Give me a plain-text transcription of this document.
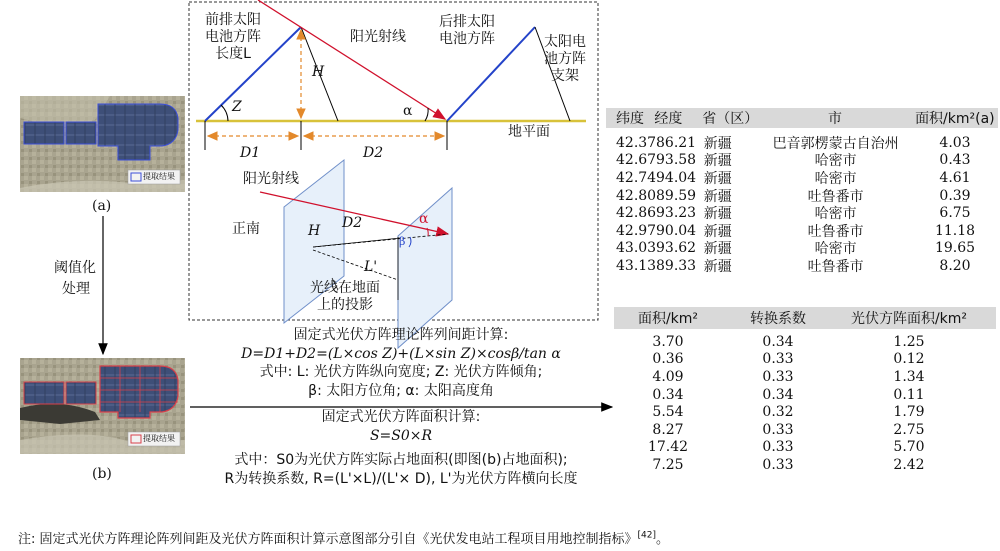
(a)
(b)
阈值化
处理
提取结果
提取结果
前排太阳
电池方阵
长度L
阳光射线
后排太阳
电池方阵	太阳电
池方阵
支架
地平面
Z
H
α
D1	D2
阳光射线
正南	H D2	α
β
L'
光线在地面
上的投影
固定式光伏方阵理论阵列间距计算:
D=D1+D2=(L×cos Z)+(L×sin Z)×cosβ/tan α
式中: L: 光伏方阵纵向宽度; Z: 光伏方阵倾角;
β: 太阳方位角; α: 太阳高度角
固定式光伏方阵面积计算:
S=S0×R
式中：S0为光伏方阵实际占地面积(即图(b)占地面积);
R为转换系数, R=(L'×L)/(L'× D), L'为光伏方阵横向长度
纬度 经度	省（区）	市	面积/km²(a)
42.37 86.21 新疆	巴音郭楞蒙古自治州	4.03
42.67 93.58 新疆	哈密市	0.43
42.74 94.04 新疆	哈密市	4.61
42.80 89.59 新疆	吐鲁番市	0.39
42.86 93.23 新疆	哈密市	6.75
42.97 90.04 新疆	吐鲁番市	11.18
43.03 93.62 新疆	哈密市	19.65
43.13 89.33 新疆	吐鲁番市	8.20
面积/km²	转换系数	光伏方阵面积/km²
3.70	0.34	1.25
0.36	0.33	0.12
4.09	0.33	1.34
0.34	0.34	0.11
5.54	0.32	1.79
8.27	0.33	2.75
17.42	0.33	5.70
7.25	0.33	2.42
注: 固定式光伏方阵理论阵列间距及光伏方阵面积计算示意图部分引自《光伏发电站工程项目用地控制指标》[42]。
